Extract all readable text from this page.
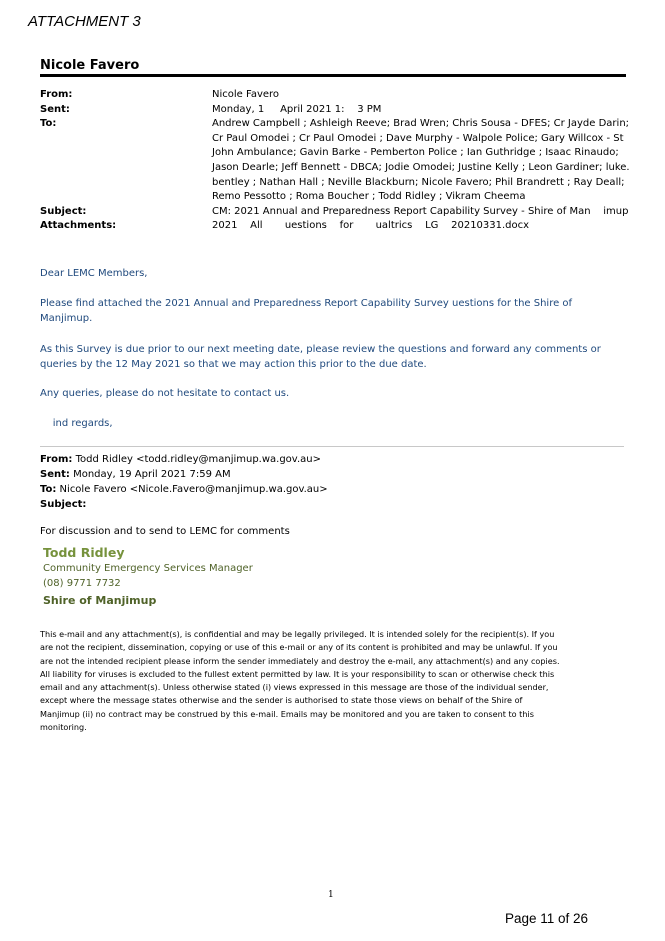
ATTACHMENT 3
Nicole Favero
From:	Nicole Favero
Sent:	Monday, 1     April 2021 1:    3 PM
To:	Andrew Campbell ; Ashleigh Reeve; Brad Wren; Chris Sousa - DFES; Cr Jayde Darin;
Cr Paul Omodei ; Cr Paul Omodei ; Dave Murphy - Walpole Police; Gary Willcox - St
John Ambulance; Gavin Barke - Pemberton Police ; Ian Guthridge ; Isaac Rinaudo;
Jason Dearle; Jeff Bennett - DBCA; Jodie Omodei; Justine Kelly ; Leon Gardiner; luke.
bentley ; Nathan Hall ; Neville Blackburn; Nicole Favero; Phil Brandrett ; Ray Deall;
Remo Pessotto ; Roma Boucher ; Todd Ridley ; Vikram Cheema
Subject:	CM: 2021 Annual and Preparedness Report Capability Survey - Shire of Man    imup
Attachments:	2021    All       uestions    for       ualtrics    LG    20210331.docx
Dear LEMC Members,
Please find attached the 2021 Annual and Preparedness Report Capability Survey uestions for the Shire of Manjimup.
As this Survey is due prior to our next meeting date, please review the questions and forward any comments or queries by the 12 May 2021 so that we may action this prior to the due date.
Any queries, please do not hesitate to contact us.
ind regards,
From: Todd Ridley <todd.ridley@manjimup.wa.gov.au>
Sent: Monday, 19 April 2021 7:59 AM
To: Nicole Favero <Nicole.Favero@manjimup.wa.gov.au>
Subject:
For discussion and to send to LEMC for comments
Todd Ridley
Community Emergency Services Manager
(08) 9771 7732
Shire of Manjimup
This e-mail and any attachment(s), is confidential and may be legally privileged. It is intended solely for the recipient(s). If you
are not the recipient, dissemination, copying or use of this e-mail or any of its content is prohibited and may be unlawful. If you
are not the intended recipient please inform the sender immediately and destroy the e-mail, any attachment(s) and any copies.
All liability for viruses is excluded to the fullest extent permitted by law. It is your responsibility to scan or otherwise check this
email and any attachment(s). Unless otherwise stated (i) views expressed in this message are those of the individual sender,
except where the message states otherwise and the sender is authorised to state those views on behalf of the Shire of
Manjimup (ii) no contract may be construed by this e-mail. Emails may be monitored and you are taken to consent to this
monitoring.
1
Page 11 of 26
